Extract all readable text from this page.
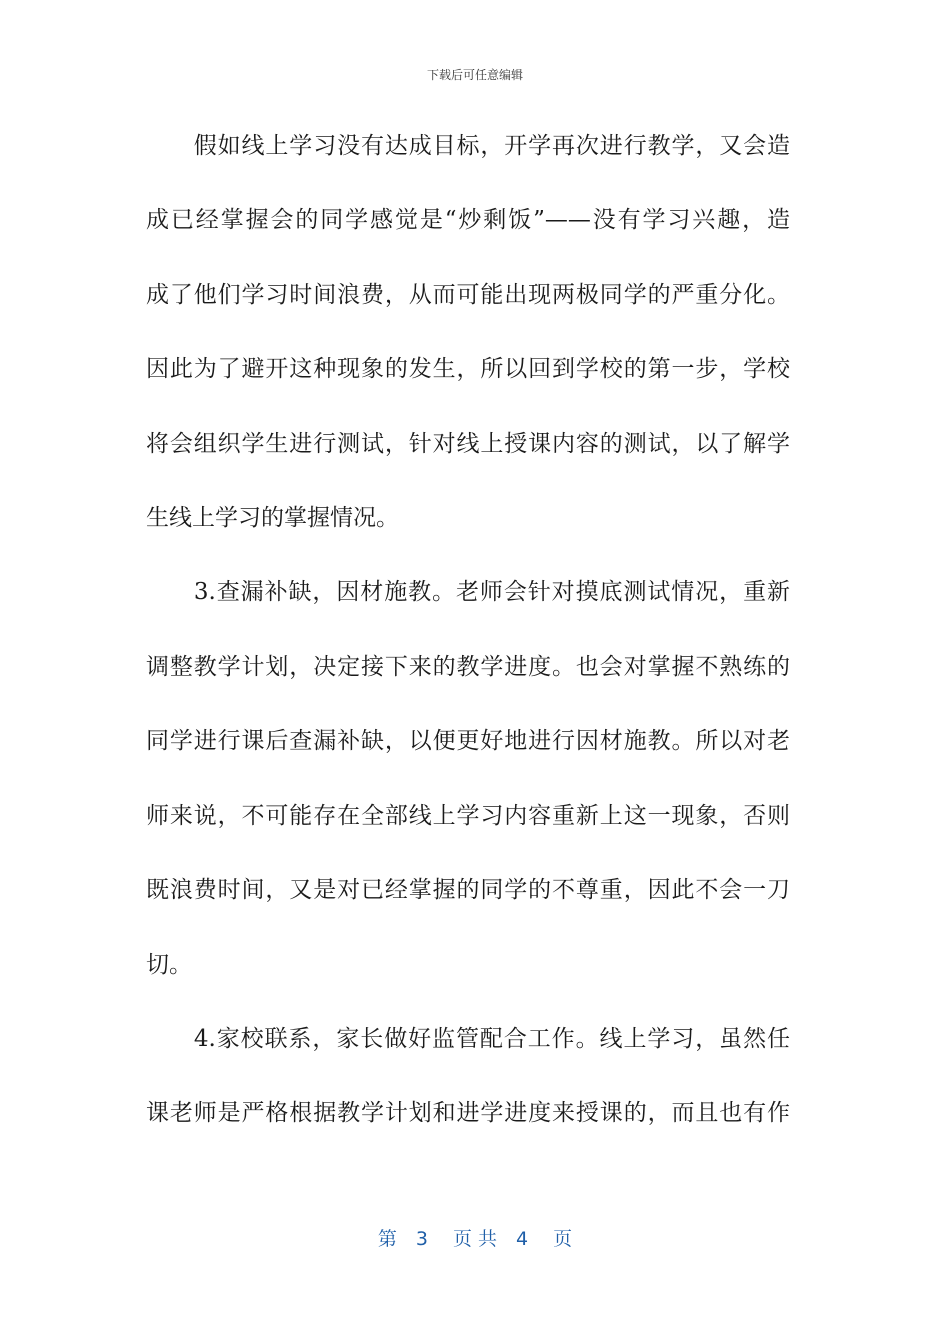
下载后可任意编辑
　　假如线上学习没有达成目标，开学再次进行教学，又会造
成已经掌握会的同学感觉是“炒剩饭”——没有学习兴趣，造
成了他们学习时间浪费，从而可能出现两极同学的严重分化。
因此为了避开这种现象的发生，所以回到学校的第一步，学校
将会组织学生进行测试，针对线上授课内容的测试，以了解学
生线上学习的掌握情况。
　　3.查漏补缺，因材施教。老师会针对摸底测试情况，重新
调整教学计划，决定接下来的教学进度。也会对掌握不熟练的
同学进行课后查漏补缺，以便更好地进行因材施教。所以对老
师来说，不可能存在全部线上学习内容重新上这一现象，否则
既浪费时间，又是对已经掌握的同学的不尊重，因此不会一刀
切。
　　4.家校联系，家长做好监管配合工作。线上学习，虽然任
课老师是严格根据教学计划和进学进度来授课的，而且也有作
第　3　 页 共　4　 页
